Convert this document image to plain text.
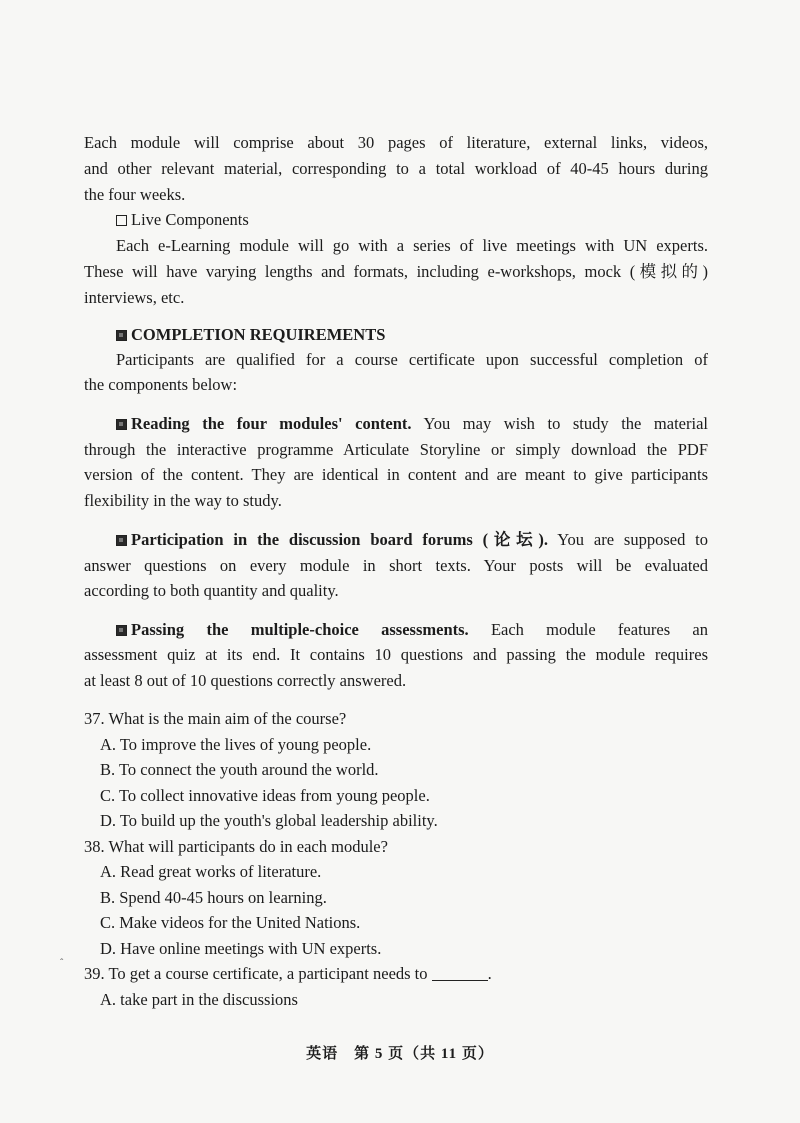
Each module will comprise about 30 pages of literature, external links, videos,
and other relevant material, corresponding to a total workload of 40-45 hours during
the four weeks.
Live Components
Each e-Learning module will go with a series of live meetings with UN experts.
These will have varying lengths and formats, including e-workshops, mock (模拟的)
interviews, etc.
COMPLETION REQUIREMENTS
Participants are qualified for a course certificate upon successful completion of
the components below:
Reading the four modules' content. You may wish to study the material
through the interactive programme Articulate Storyline or simply download the PDF
version of the content. They are identical in content and are meant to give participants
flexibility in the way to study.
Participation in the discussion board forums (论坛). You are supposed to
answer questions on every module in short texts. Your posts will be evaluated
according to both quantity and quality.
Passing the multiple-choice assessments. Each module features an
assessment quiz at its end. It contains 10 questions and passing the module requires
at least 8 out of 10 questions correctly answered.
37. What is the main aim of the course?
A. To improve the lives of young people.
B. To connect the youth around the world.
C. To collect innovative ideas from young people.
D. To build up the youth's global leadership ability.
38. What will participants do in each module?
A. Read great works of literature.
B. Spend 40-45 hours on learning.
C. Make videos for the United Nations.
D. Have online meetings with UN experts.
39. To get a course certificate, a participant needs to	.
A. take part in the discussions
英语　第 5 页（共 11 页）
ˆ
